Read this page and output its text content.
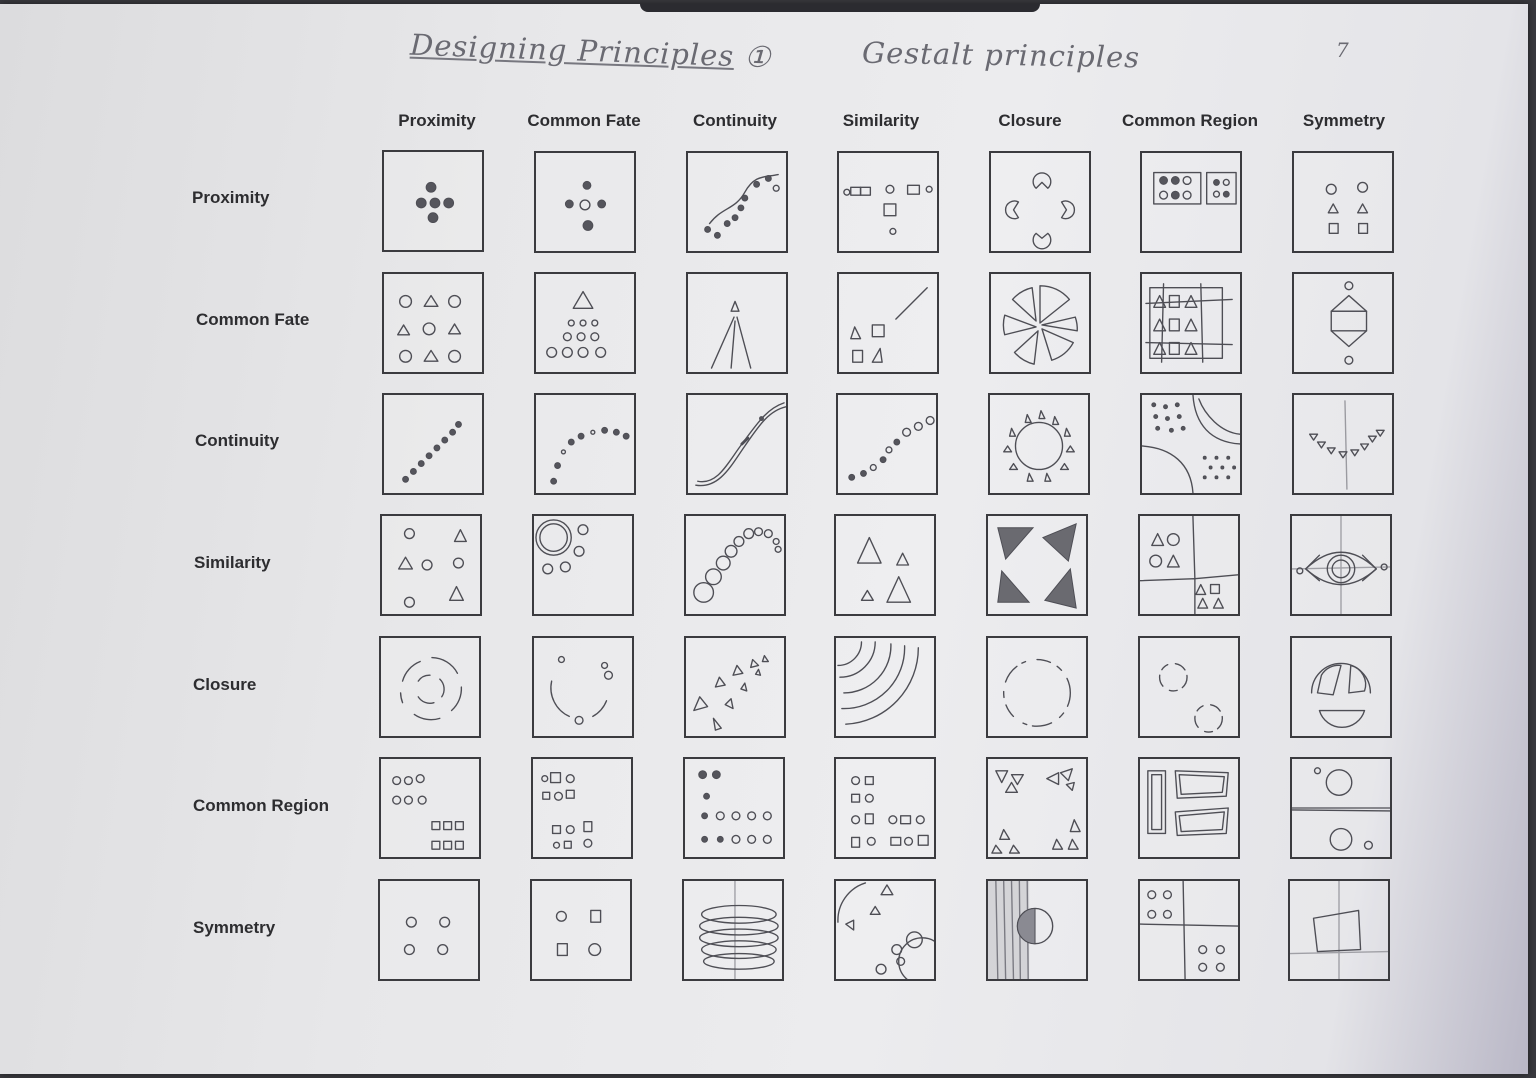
Designing Principles ①	Gestalt principles	7
Proximity	Common Fate	Continuity	Similarity	Closure	Common Region	Symmetry
Proximity
Common Fate
Continuity
Similarity
Closure
Common Region
Symmetry
